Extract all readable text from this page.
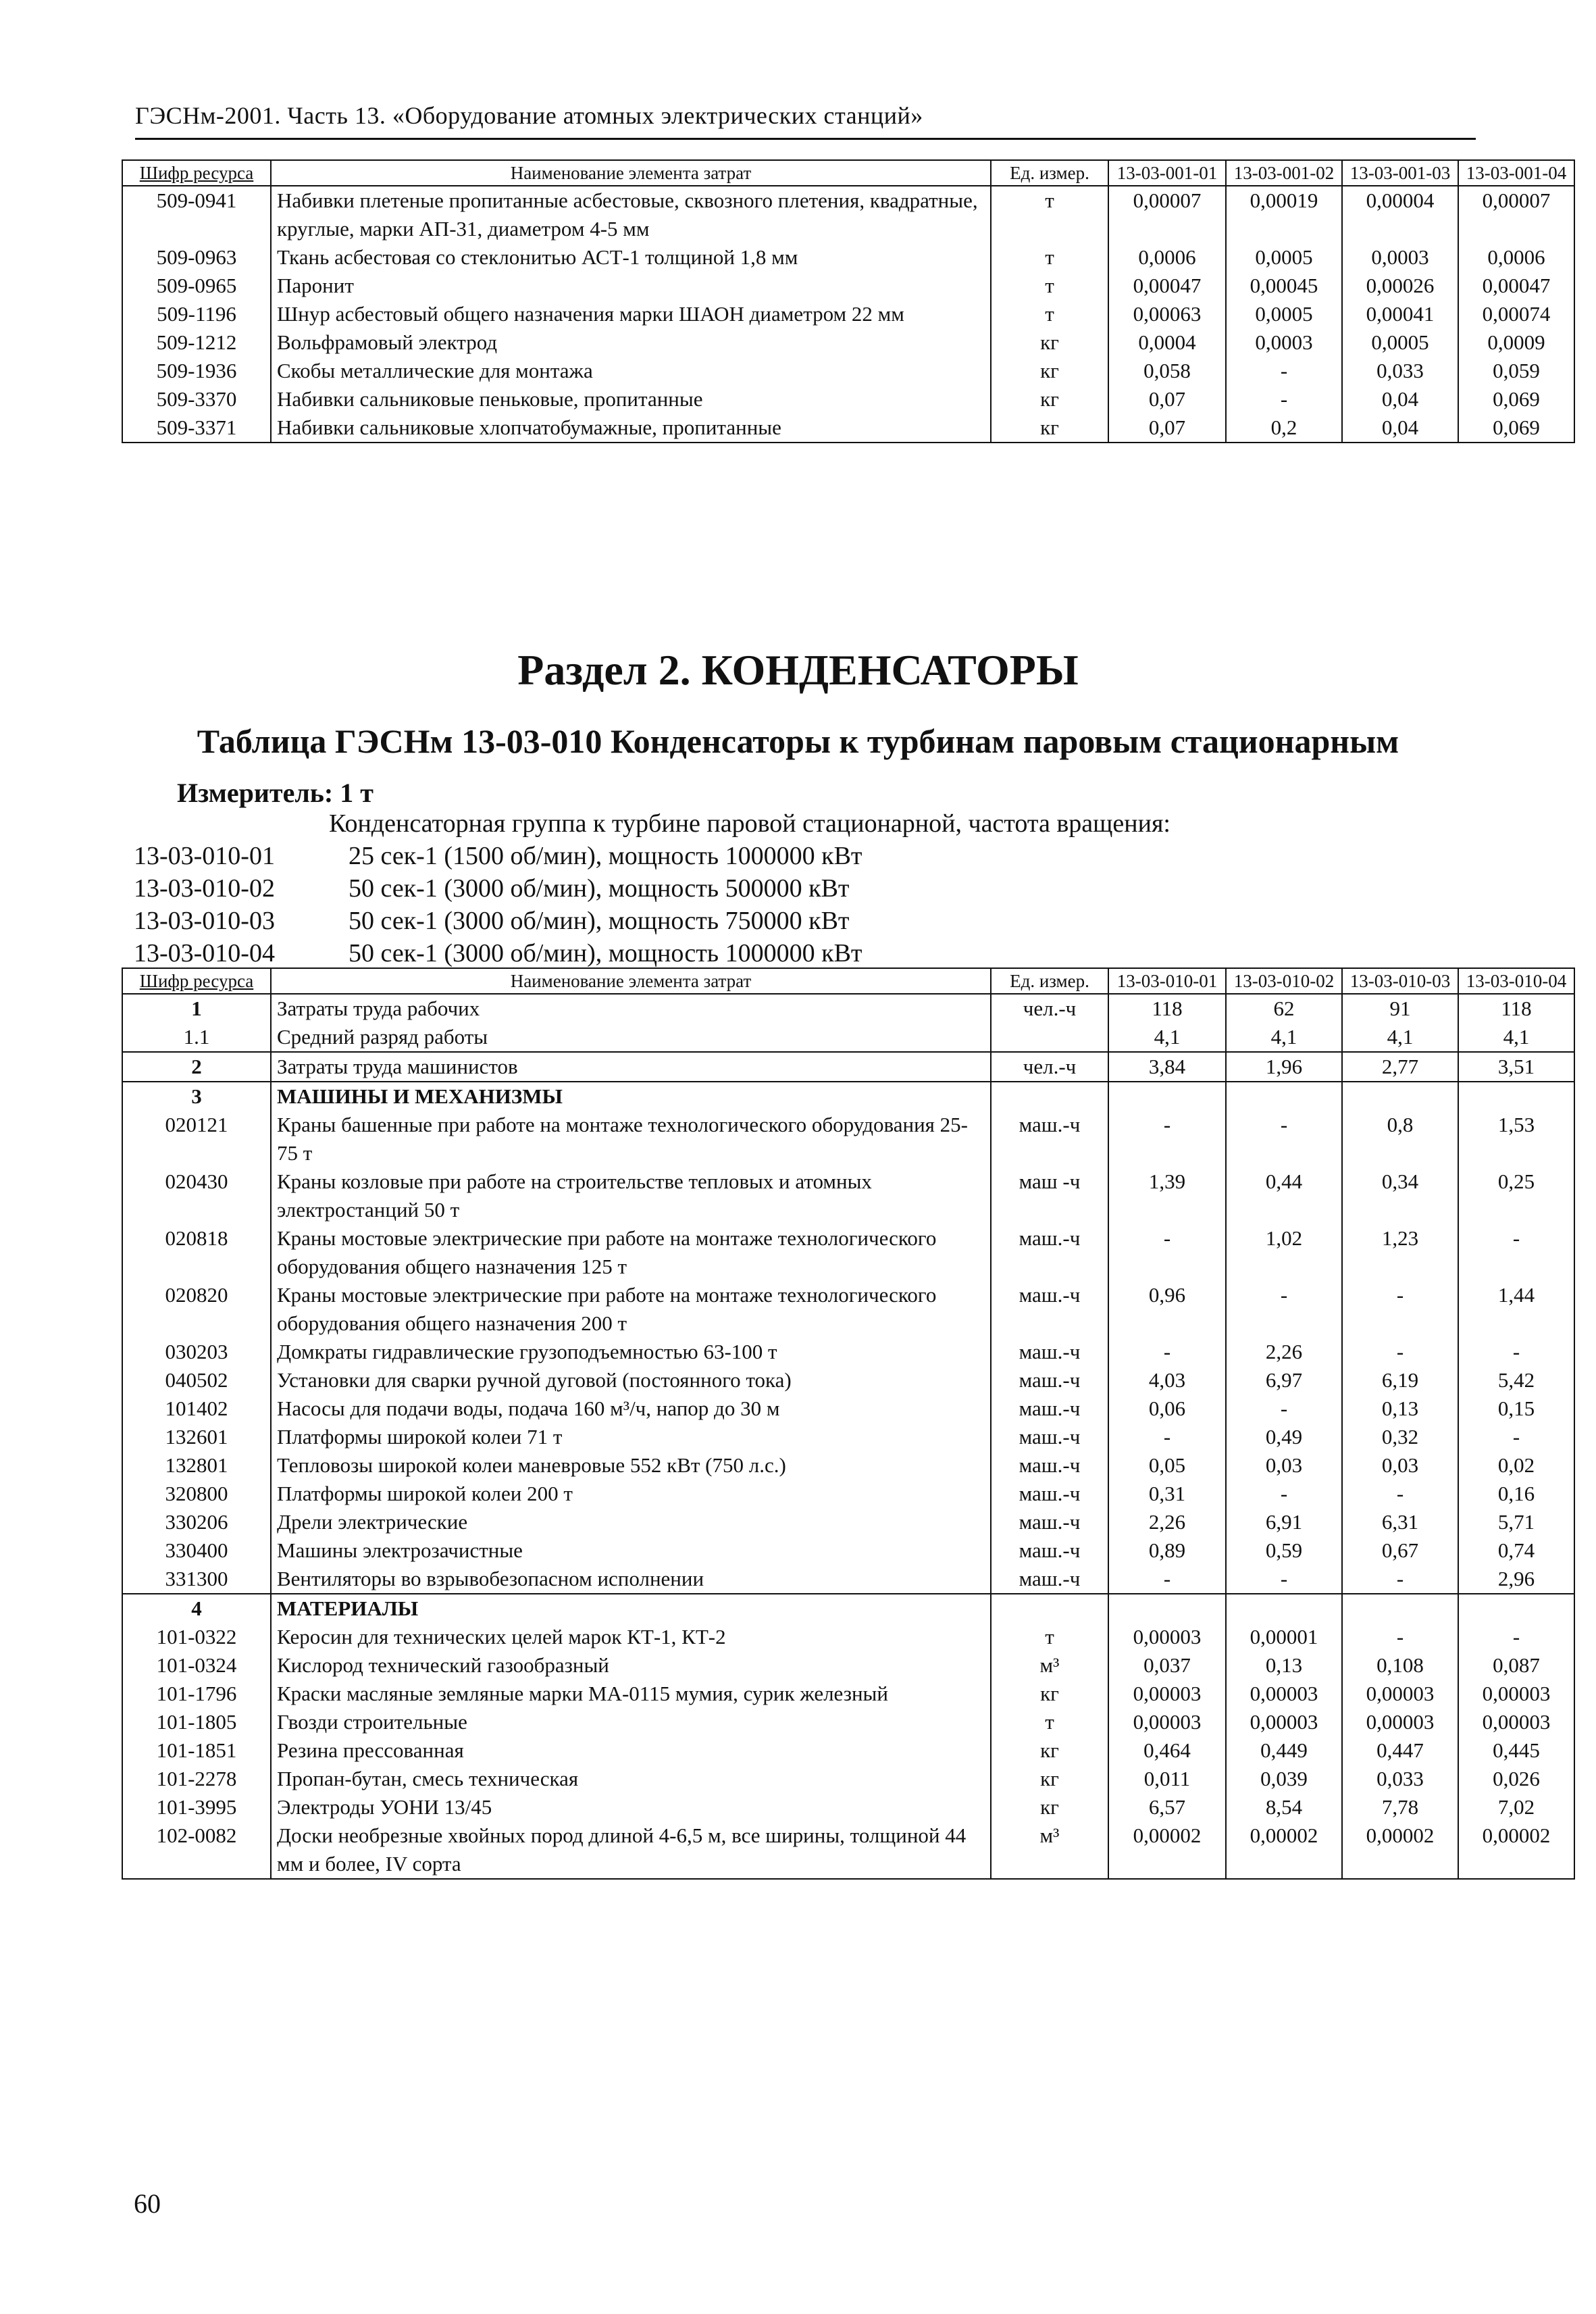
ГЭСНм-2001. Часть 13. «Оборудование атомных электрических станций»
Шифр ресурса	Наименование элемента затрат	Ед. измер.	13-03-001-01	13-03-001-02	13-03-001-03	13-03-001-04
509-0941	Набивки плетеные пропитанные асбестовые, сквозного плетения, квадратные, круглые, марки АП-31, диаметром 4-5 мм	т	0,00007	0,00019	0,00004	0,00007
509-0963	Ткань асбестовая со стеклонитью АСТ-1 толщиной 1,8 мм	т	0,0006	0,0005	0,0003	0,0006
509-0965	Паронит	т	0,00047	0,00045	0,00026	0,00047
509-1196	Шнур асбестовый общего назначения марки ШАОН диаметром 22 мм	т	0,00063	0,0005	0,00041	0,00074
509-1212	Вольфрамовый электрод	кг	0,0004	0,0003	0,0005	0,0009
509-1936	Скобы металлические для монтажа	кг	0,058	-	0,033	0,059
509-3370	Набивки сальниковые пеньковые, пропитанные	кг	0,07	-	0,04	0,069
509-3371	Набивки сальниковые хлопчатобумажные, пропитанные	кг	0,07	0,2	0,04	0,069
Раздел 2. КОНДЕНСАТОРЫ
Таблица ГЭСНм 13-03-010 Конденсаторы к турбинам паровым стационарным
Измеритель: 1 т
Конденсаторная группа к турбине паровой стационарной, частота вращения:
13-03-010-01	25 сек-1 (1500 об/мин), мощность 1000000 кВт
13-03-010-02	50 сек-1 (3000 об/мин), мощность 500000 кВт
13-03-010-03	50 сек-1 (3000 об/мин), мощность 750000 кВт
13-03-010-04	50 сек-1 (3000 об/мин), мощность 1000000 кВт
Шифр ресурса	Наименование элемента затрат	Ед. измер.	13-03-010-01	13-03-010-02	13-03-010-03	13-03-010-04
1	Затраты труда рабочих	чел.-ч	118	62	91	118
1.1	Средний разряд работы		4,1	4,1	4,1	4,1
2	Затраты труда машинистов	чел.-ч	3,84	1,96	2,77	3,51
3	МАШИНЫ И МЕХАНИЗМЫ					
020121	Краны башенные при работе на монтаже технологического оборудования 25-75 т	маш.-ч	-	-	0,8	1,53
020430	Краны козловые при работе на строительстве тепловых и атомных электростанций 50 т	маш -ч	1,39	0,44	0,34	0,25
020818	Краны мостовые электрические при работе на монтаже технологического оборудования общего назначения 125 т	маш.-ч	-	1,02	1,23	-
020820	Краны мостовые электрические при работе на монтаже технологического оборудования общего назначения 200 т	маш.-ч	0,96	-	-	1,44
030203	Домкраты гидравлические грузоподъемностью 63-100 т	маш.-ч	-	2,26	-	-
040502	Установки для сварки ручной дуговой (постоянного тока)	маш.-ч	4,03	6,97	6,19	5,42
101402	Насосы для подачи воды, подача 160 м³/ч, напор до 30 м	маш.-ч	0,06	-	0,13	0,15
132601	Платформы широкой колеи 71 т	маш.-ч	-	0,49	0,32	-
132801	Тепловозы широкой колеи маневровые 552 кВт (750 л.с.)	маш.-ч	0,05	0,03	0,03	0,02
320800	Платформы широкой колеи 200 т	маш.-ч	0,31	-	-	0,16
330206	Дрели электрические	маш.-ч	2,26	6,91	6,31	5,71
330400	Машины электрозачистные	маш.-ч	0,89	0,59	0,67	0,74
331300	Вентиляторы во взрывобезопасном исполнении	маш.-ч	-	-	-	2,96
4	МАТЕРИАЛЫ					
101-0322	Керосин для технических целей марок КТ-1, КТ-2	т	0,00003	0,00001	-	-
101-0324	Кислород технический газообразный	м³	0,037	0,13	0,108	0,087
101-1796	Краски масляные земляные марки МА-0115 мумия, сурик железный	кг	0,00003	0,00003	0,00003	0,00003
101-1805	Гвозди строительные	т	0,00003	0,00003	0,00003	0,00003
101-1851	Резина прессованная	кг	0,464	0,449	0,447	0,445
101-2278	Пропан-бутан, смесь техническая	кг	0,011	0,039	0,033	0,026
101-3995	Электроды УОНИ 13/45	кг	6,57	8,54	7,78	7,02
102-0082	Доски необрезные хвойных пород длиной 4-6,5 м, все ширины, толщиной 44 мм и более, IV сорта	м³	0,00002	0,00002	0,00002	0,00002
60
